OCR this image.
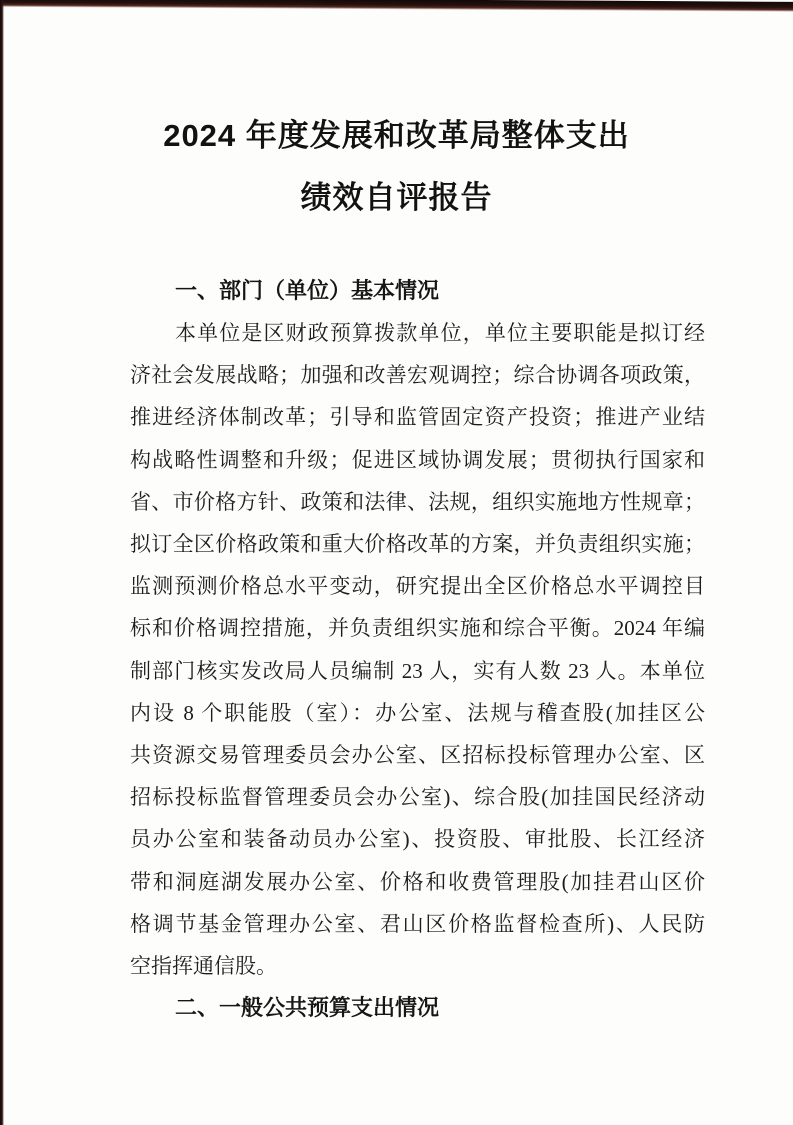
2024 年度发展和改革局整体支出
绩效自评报告
一、部门（单位）基本情况
本单位是区财政预算拨款单位，单位主要职能是拟订经
济社会发展战略；加强和改善宏观调控；综合协调各项政策，
推进经济体制改革；引导和监管固定资产投资；推进产业结
构战略性调整和升级；促进区域协调发展；贯彻执行国家和
省、市价格方针、政策和法律、法规，组织实施地方性规章；
拟订全区价格政策和重大价格改革的方案，并负责组织实施；
监测预测价格总水平变动，研究提出全区价格总水平调控目
标和价格调控措施，并负责组织实施和综合平衡。2024 年编
制部门核实发改局人员编制 23 人，实有人数 23 人。本单位
内设 8 个职能股（室）：办公室、法规与稽查股(加挂区公
共资源交易管理委员会办公室、区招标投标管理办公室、区
招标投标监督管理委员会办公室)、综合股(加挂国民经济动
员办公室和装备动员办公室)、投资股、审批股、长江经济
带和洞庭湖发展办公室、价格和收费管理股(加挂君山区价
格调节基金管理办公室、君山区价格监督检查所)、人民防
空指挥通信股。
二、一般公共预算支出情况
